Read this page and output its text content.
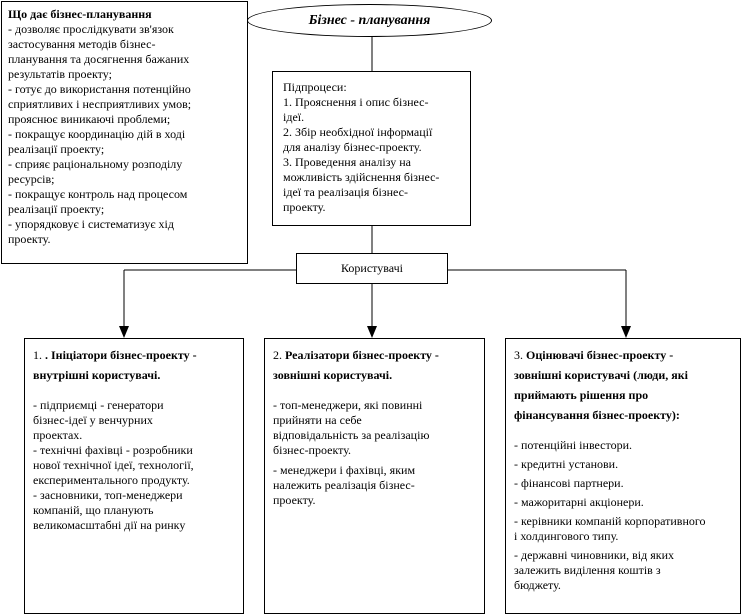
Що дає бізнес-планування
- дозволяє прослідкувати зв'язок
застосування методів бізнес-
планування та досягнення бажаних
результатів проекту;
- готує до використання потенційно
сприятливих і несприятливих умов;
прояснює виникаючі проблеми;
- покращує координацію дій в ході
реалізації проекту;
- сприяє раціональному розподілу
ресурсів;
- покращує контроль над процесом
реалізації проекту;
- упорядковує і систематизує хід
проекту.
Бізнес - планування
Підпроцеси:
1. Прояснення і опис бізнес-
ідеї.
2. Збір необхідної інформації
для аналізу бізнес-проекту.
3. Проведення аналізу на
можливість здійснення бізнес-
ідеї та реалізація бізнес-
проекту.
Користувачі
1. . Ініціатори бізнес-проекту -
внутрішні користувачі.
- підприємці - генератори
бізнес-ідеї у венчурних
проектах.
- технічні фахівці - розробники
нової технічної ідеї, технології,
експериментального продукту.
- засновники, топ-менеджери
компаній, що планують
великомасштабні дії на ринку
2. Реалізатори бізнес-проекту -
зовнішні користувачі.
- топ-менеджери, які повинні
прийняти на себе
відповідальність за реалізацію
бізнес-проекту.
- менеджери і фахівці, яким
належить реалізація бізнес-
проекту.
3. Оцінювачі бізнес-проекту -
зовнішні користувачі (люди, які
приймають рішення про
фінансування бізнес-проекту):
- потенційні інвестори.
- кредитні установи.
- фінансові партнери.
- мажоритарні акціонери.
- керівники компаній корпоративного
і холдингового типу.
- державні чиновники, від яких
залежить виділення коштів з
бюджету.
